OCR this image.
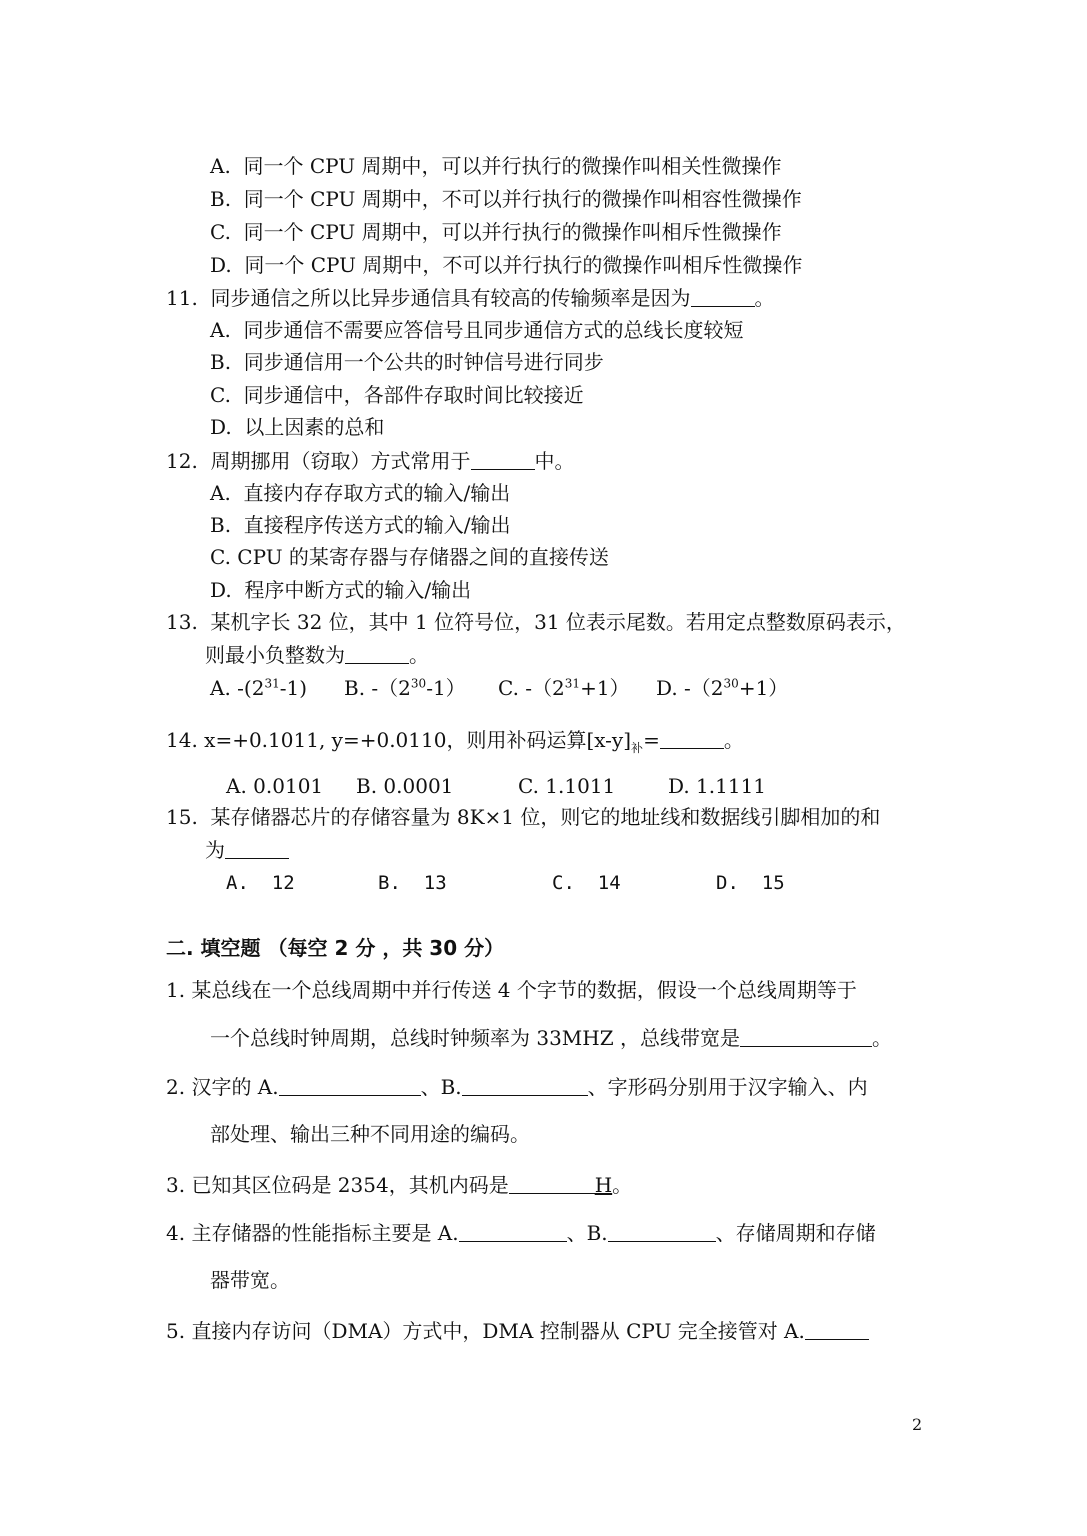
A.  同一个 CPU 周期中，可以并行执行的微操作叫相关性微操作
B.  同一个 CPU 周期中，不可以并行执行的微操作叫相容性微操作
C.  同一个 CPU 周期中，可以并行执行的微操作叫相斥性微操作
D.  同一个 CPU 周期中，不可以并行执行的微操作叫相斥性微操作
11.  同步通信之所以比异步通信具有较高的传输频率是因为	。
A.  同步通信不需要应答信号且同步通信方式的总线长度较短
B.  同步通信用一个公共的时钟信号进行同步
C.  同步通信中，各部件存取时间比较接近
D.  以上因素的总和
12.  周期挪用（窃取）方式常用于	中。
A.  直接内存存取方式的输入/输出
B.  直接程序传送方式的输入/输出
C. CPU 的某寄存器与存储器之间的直接传送
D.  程序中断方式的输入/输出
13.  某机字长 32 位，其中 1 位符号位，31 位表示尾数。若用定点整数原码表示，
则最小负整数为	。
A. $-(2^{31}-1)$ B. $-(2^{30}-1)$ C. $-(2^{31}+1)$ D. $-(2^{30}+1)$
14. x=+0.1011, y=+0.0110，则用补码运算$[x-y]_补=$	。
A. 0.0101 B. 0.0001	C. 1.1011	D. 1.1111
15.  某存储器芯片的存储容量为 8K×1 位，则它的地址线和数据线引脚相加的和
为
A.  12	B.  13	C.  14	D.  15
二. 填空题 （每空 2 分 ，共 30 分）
1. 某总线在一个总线周期中并行传送 4 个字节的数据，假设一个总线周期等于
一个总线时钟周期，总线时钟频率为 33MHZ ，总线带宽是	。
2. 汉字的 A.	、B.	、字形码分别用于汉字输入、内
部处理、输出三种不同用途的编码。
3. 已知其区位码是 2354，其机内码是	H。
4. 主存储器的性能指标主要是 A.	、B.	、存储周期和存储
器带宽。
5. 直接内存访问（DMA）方式中，DMA 控制器从 CPU 完全接管对 A.
2
